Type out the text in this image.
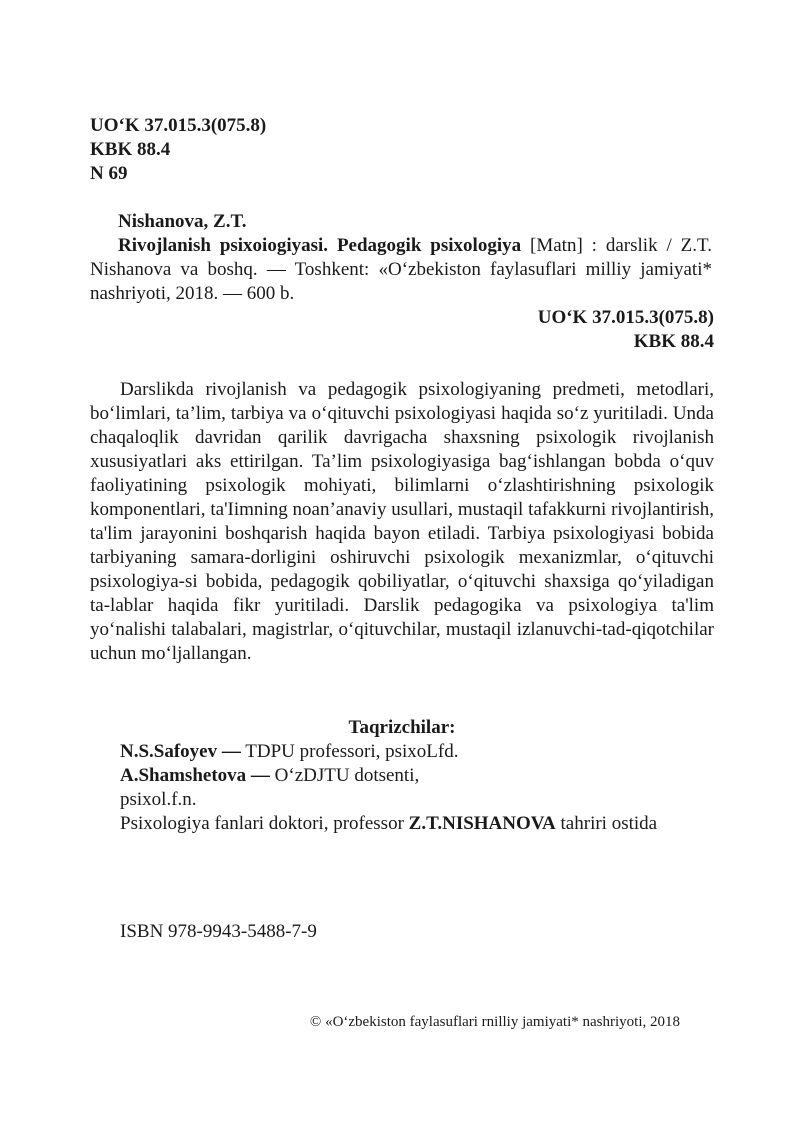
UO‘K 37.015.3(075.8)
KBK 88.4
N 69
Nishanova, Z.T.
Rivojlanish psixoiogiyasi. Pedagogik psixologiya [Matn] : darslik / Z.T. Nishanova va boshq. — Toshkent: «O‘zbekiston faylasuflari milliy jamiyati* nashriyoti, 2018. — 600 b.
UO‘K 37.015.3(075.8)
KBK 88.4
Darslikda rivojlanish va pedagogik psixologiyaning predmeti, metodlari, bo‘limlari, ta’lim, tarbiya va o‘qituvchi psixologiyasi haqida so‘z yuritiladi. Unda chaqaloqlik davridan qarilik davrigacha shaxsning psixologik rivojlanish xususiyatlari aks ettirilgan. Ta’lim psixologiyasiga bag‘ishlangan bobda o‘quv faoliyatining psixologik mohiyati, bilimlarni o‘zlashtirishning psixologik komponentlari, ta'Iimning noan’anaviy usullari, mustaqil tafakkurni rivojlantirish, ta'lim jarayonini boshqarish haqida bayon etiladi. Tarbiya psixologiyasi bobida tarbiyaning samara-dorligini oshiruvchi psixologik mexanizmlar, o‘qituvchi psixologiya-si bobida, pedagogik qobiliyatlar, o‘qituvchi shaxsiga qo‘yiladigan ta-lablar haqida fikr yuritiladi. Darslik pedagogika va psixologiya ta'lim yo‘nalishi talabalari, magistrlar, o‘qituvchilar, mustaqil izlanuvchi-tad-qiqotchilar uchun mo‘ljallangan.
Taqrizchilar:
N.S.Safoyev — TDPU professori, psixoLfd.
A.Shamshetova — O‘zDJTU dotsenti,
psixol.f.n.
Psixologiya fanlari doktori, professor Z.T.NISHANOVA tahriri ostida
ISBN 978-9943-5488-7-9
© «O‘zbekiston faylasuflari rnilliy jamiyati* nashriyoti, 2018
